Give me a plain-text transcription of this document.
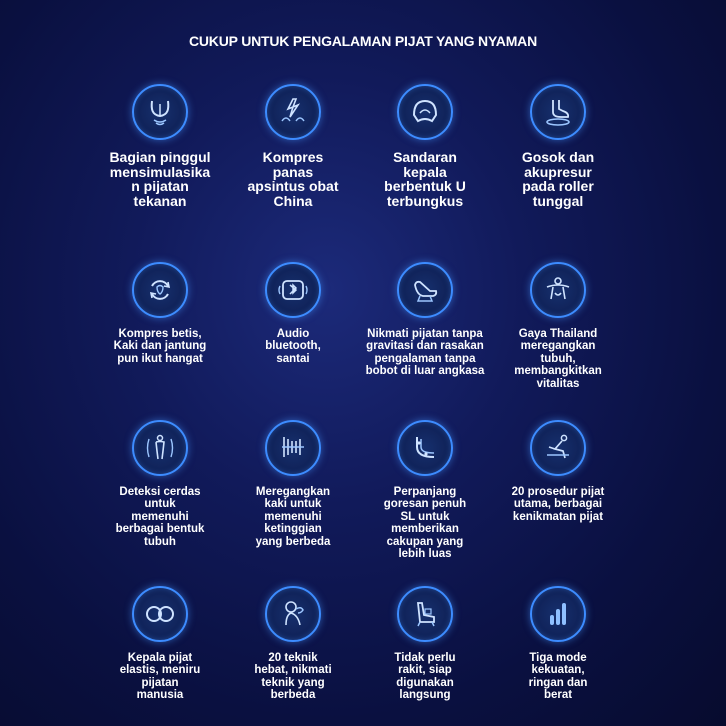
CUKUP UNTUK PENGALAMAN PIJAT YANG NYAMAN
Bagian pinggul
mensimulasika
n pijatan
tekanan
Kompres
panas
apsintus obat
China
Sandaran
kepala
berbentuk U
terbungkus
Gosok dan
akupresur
pada roller
tunggal
Kompres betis,
Kaki dan jantung
pun ikut hangat
Audio
bluetooth,
santai
Nikmati pijatan tanpa
gravitasi dan rasakan
pengalaman tanpa
bobot di luar angkasa
Gaya Thailand
meregangkan
tubuh,
membangkitkan
vitalitas
Deteksi cerdas
untuk
memenuhi
berbagai bentuk
tubuh
Meregangkan
kaki untuk
memenuhi
ketinggian
yang berbeda
Perpanjang
goresan penuh
SL untuk
memberikan
cakupan yang
lebih luas
20 prosedur pijat
utama, berbagai
kenikmatan pijat
Kepala pijat
elastis, meniru
pijatan
manusia
20 teknik
hebat, nikmati
teknik yang
berbeda
Tidak perlu
rakit, siap
digunakan
langsung
Tiga mode
kekuatan,
ringan dan
berat
